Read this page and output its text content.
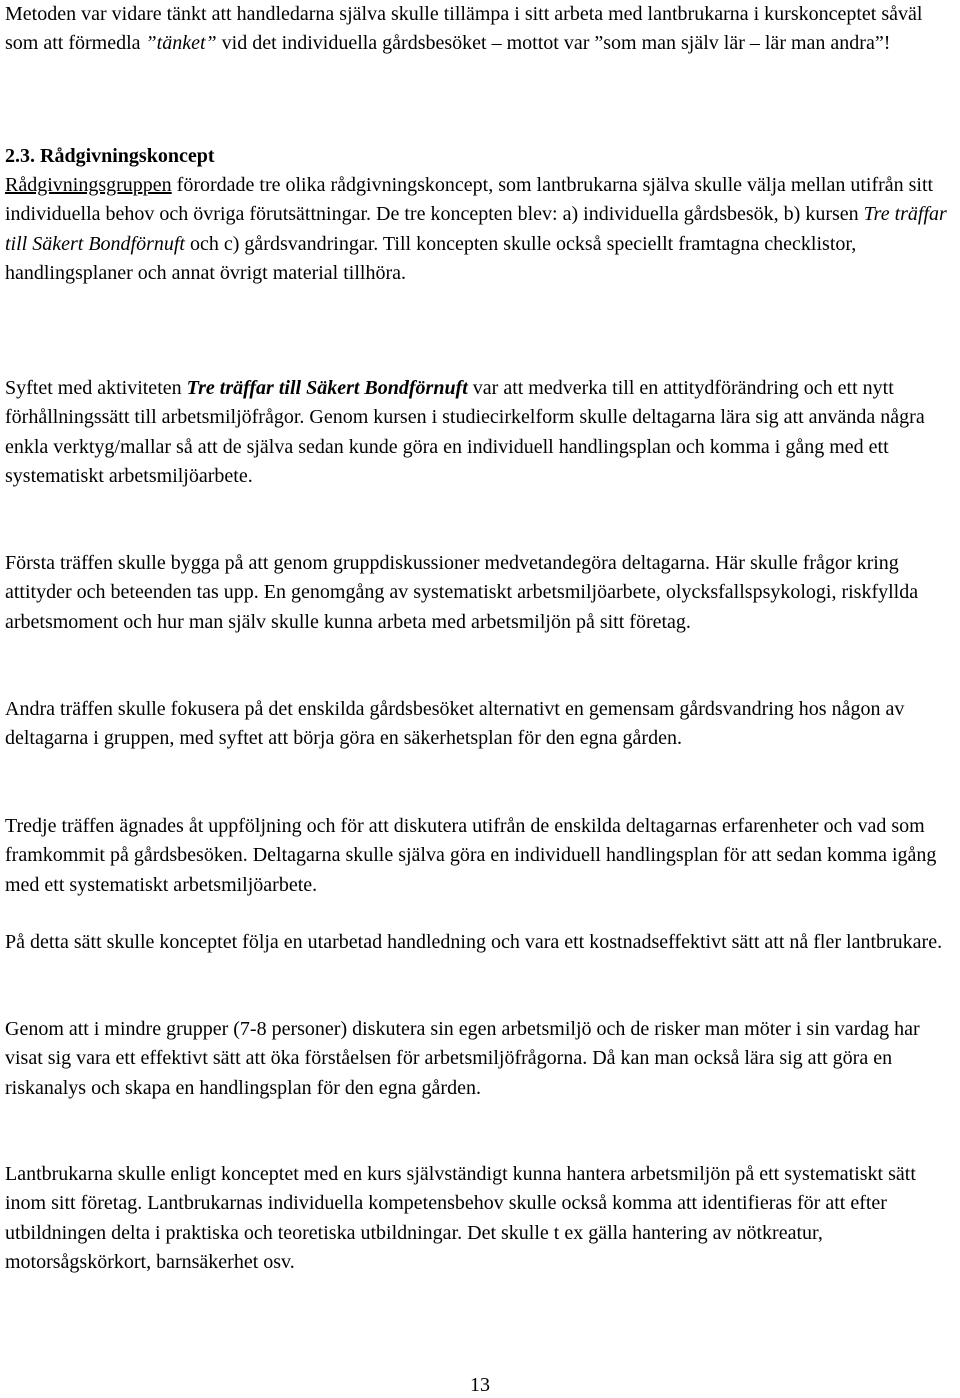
Metoden var vidare tänkt att handledarna själva skulle tillämpa i sitt arbeta med lantbrukarna i kurskonceptet såväl som att förmedla ”tänket” vid det individuella gårdsbesöket – mottot var ”som man själv lär – lär man andra”!

2.3. Rådgivningskoncept

Rådgivningsgruppen förordade tre olika rådgivningskoncept, som lantbrukarna själva skulle välja mellan utifrån sitt individuella behov och övriga förutsättningar. De tre koncepten blev: a) individuella gårdsbesök, b) kursen Tre träffar till Säkert Bondförnuft och c) gårdsvandringar. Till koncepten skulle också speciellt framtagna checklistor, handlingsplaner och annat övrigt material tillhöra.

Syftet med aktiviteten Tre träffar till Säkert Bondförnuft var att medverka till en attitydförändring och ett nytt förhållningssätt till arbetsmiljöfrågor. Genom kursen i studiecirkelform skulle deltagarna lära sig att använda några enkla verktyg/mallar så att de själva sedan kunde göra en individuell handlingsplan och komma i gång med ett systematiskt arbetsmiljöarbete.

Första träffen skulle bygga på att genom gruppdiskussioner medvetandegöra deltagarna. Här skulle frågor kring attityder och beteenden tas upp. En genomgång av systematiskt arbetsmiljöarbete, olycksfallspsykologi, riskfyllda arbetsmoment och hur man själv skulle kunna arbeta med arbetsmiljön på sitt företag.

Andra träffen skulle fokusera på det enskilda gårdsbesöket alternativt en gemensam gårdsvandring hos någon av deltagarna i gruppen, med syftet att börja göra en säkerhetsplan för den egna gården.

Tredje träffen ägnades åt uppföljning och för att diskutera utifrån de enskilda deltagarnas erfarenheter och vad som framkommit på gårdsbesöken. Deltagarna skulle själva göra en individuell handlingsplan för att sedan komma igång med ett systematiskt arbetsmiljöarbete.

På detta sätt skulle konceptet följa en utarbetad handledning och vara ett kostnadseffektivt sätt att nå fler lantbrukare.

Genom att i mindre grupper (7-8 personer) diskutera sin egen arbetsmiljö och de risker man möter i sin vardag har visat sig vara ett effektivt sätt att öka förståelsen för arbetsmiljöfrågorna. Då kan man också lära sig att göra en riskanalys och skapa en handlingsplan för den egna gården.

Lantbrukarna skulle enligt konceptet med en kurs självständigt kunna hantera arbetsmiljön på ett systematiskt sätt inom sitt företag. Lantbrukarnas individuella kompetensbehov skulle också komma att identifieras för att efter utbildningen delta i praktiska och teoretiska utbildningar. Det skulle t ex gälla hantering av nötkreatur, motorsågskörkort, barnsäkerhet osv.

13
